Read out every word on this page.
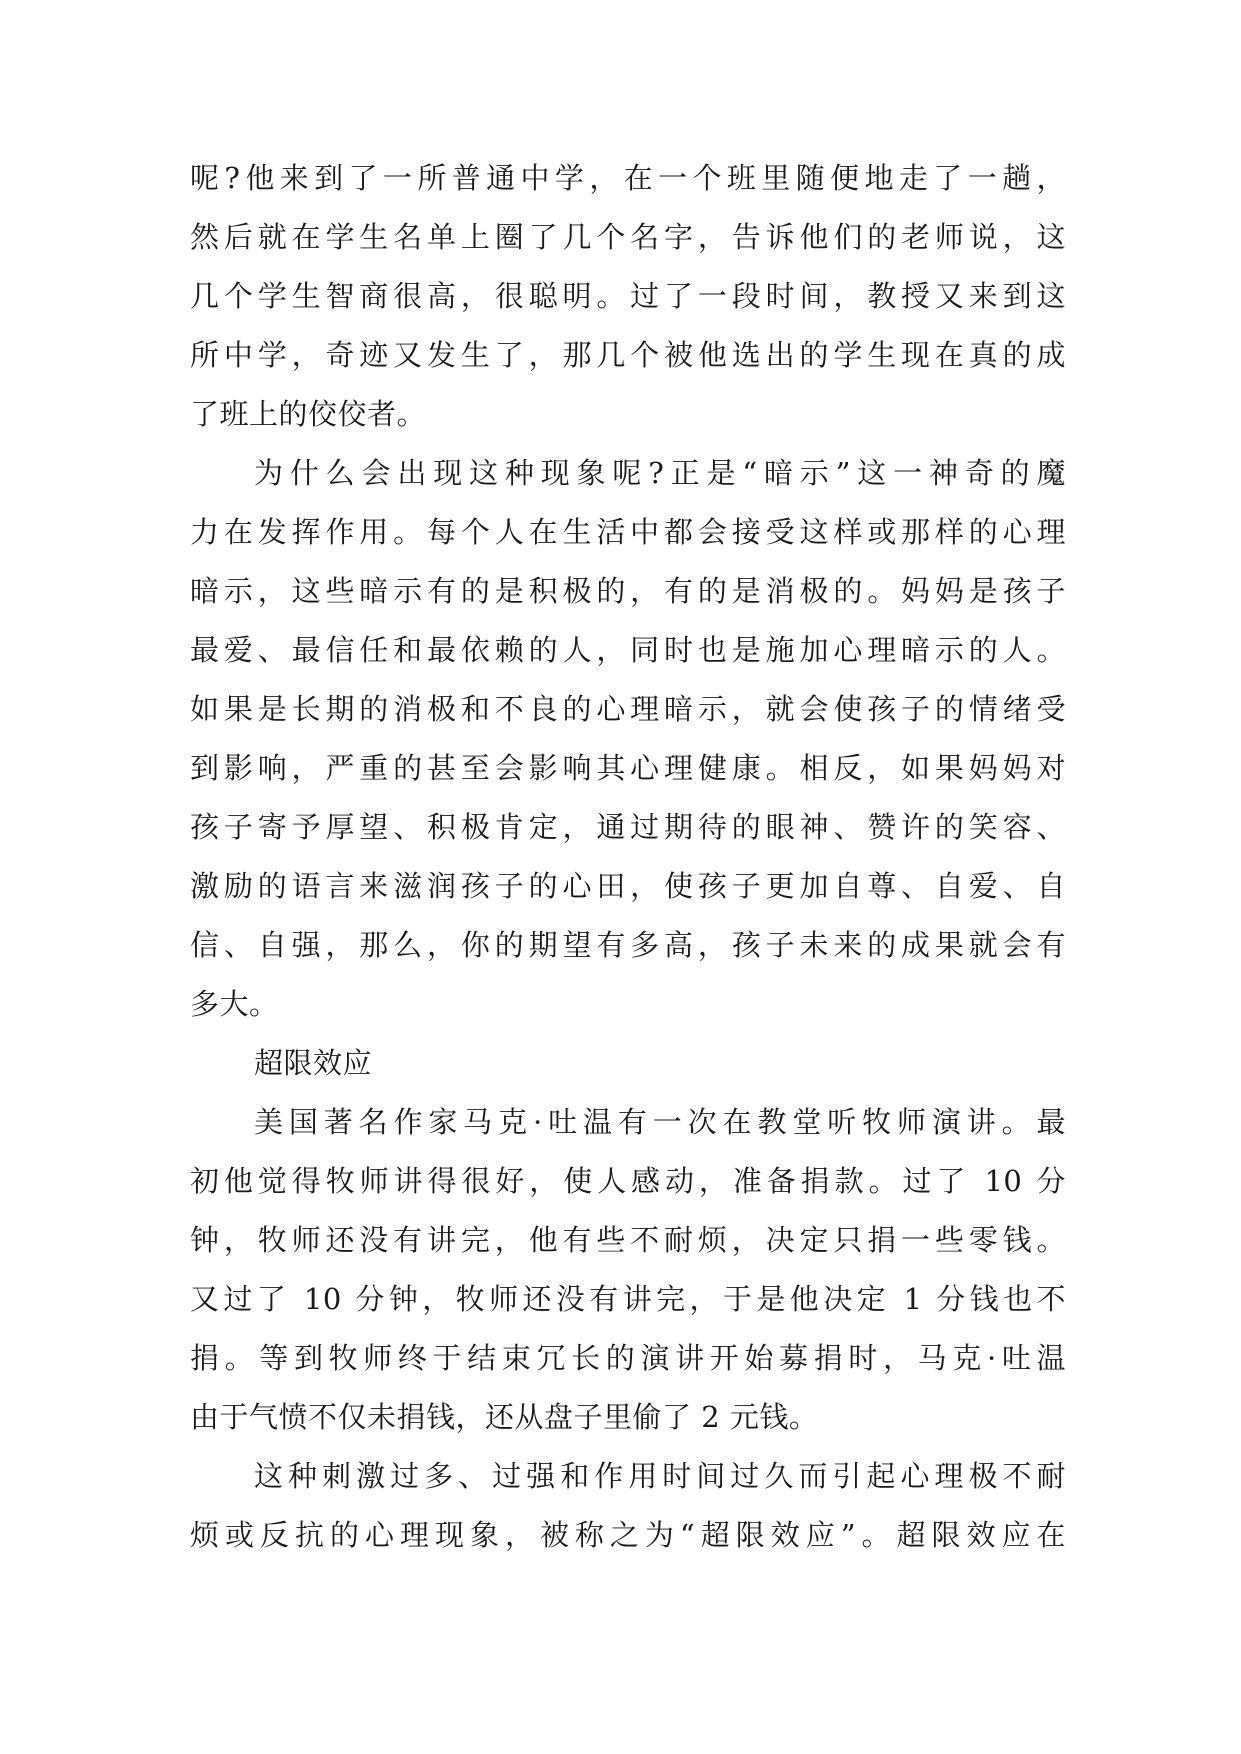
呢?他来到了一所普通中学，在一个班里随便地走了一趟，
然后就在学生名单上圈了几个名字，告诉他们的老师说，这
几个学生智商很高，很聪明。过了一段时间，教授又来到这
所中学，奇迹又发生了，那几个被他选出的学生现在真的成
了班上的佼佼者。
为什么会出现这种现象呢?正是“暗示”这一神奇的魔
力在发挥作用。每个人在生活中都会接受这样或那样的心理
暗示，这些暗示有的是积极的，有的是消极的。妈妈是孩子
最爱、最信任和最依赖的人，同时也是施加心理暗示的人。
如果是长期的消极和不良的心理暗示，就会使孩子的情绪受
到影响，严重的甚至会影响其心理健康。相反，如果妈妈对
孩子寄予厚望、积极肯定，通过期待的眼神、赞许的笑容、
激励的语言来滋润孩子的心田，使孩子更加自尊、自爱、自
信、自强，那么，你的期望有多高，孩子未来的成果就会有
多大。
超限效应
美国著名作家马克·吐温有一次在教堂听牧师演讲。最
初他觉得牧师讲得很好，使人感动，准备捐款。过了 10 分
钟，牧师还没有讲完，他有些不耐烦，决定只捐一些零钱。
又过了 10 分钟，牧师还没有讲完，于是他决定 1 分钱也不
捐。等到牧师终于结束冗长的演讲开始募捐时，马克·吐温
由于气愤不仅未捐钱，还从盘子里偷了 2 元钱。
这种刺激过多、过强和作用时间过久而引起心理极不耐
烦或反抗的心理现象，被称之为“超限效应”。超限效应在
